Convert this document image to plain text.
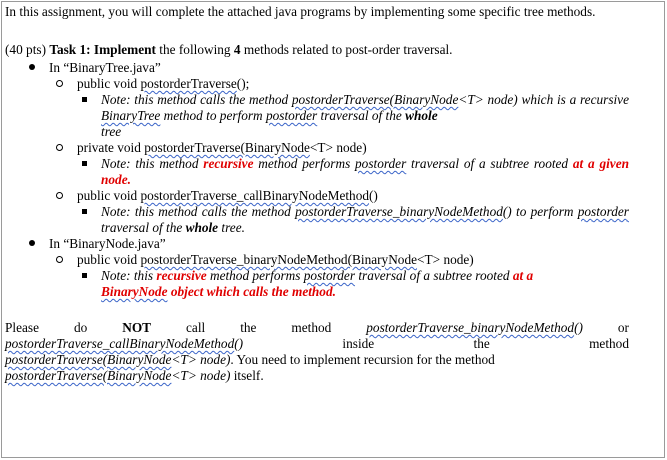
In this assignment, you will complete the attached java programs by implementing some specific tree methods.

(40 pts) Task 1: Implement the following 4 methods related to post-order traversal.

In “BinaryTree.java”
public void postorderTraverse();
Note: this method calls the method postorderTraverse(BinaryNode<T> node) which is a recursive BinaryTree method to perform postorder traversal of the whole
tree
private void postorderTraverse(BinaryNode<T> node)
Note: this method recursive method performs postorder traversal of a subtree rooted at a given node.
public void postorderTraverse_callBinaryNodeMethod()
Note: this method calls the method postorderTraverse_binaryNodeMethod() to perform postorder traversal of the whole tree.
In “BinaryNode.java”
public void postorderTraverse_binaryNodeMethod(BinaryNode<T> node)
Note: this recursive method performs postorder traversal of a subtree rooted at a
BinaryNode object which calls the method.
Please	do	NOT	call	the	method	postorderTraverse_binaryNodeMethod()	or
postorderTraverse_callBinaryNodeMethod()	inside	the	method
postorderTraverse(BinaryNode<T> node). You need to implement recursion for the method
postorderTraverse(BinaryNode<T> node) itself.
